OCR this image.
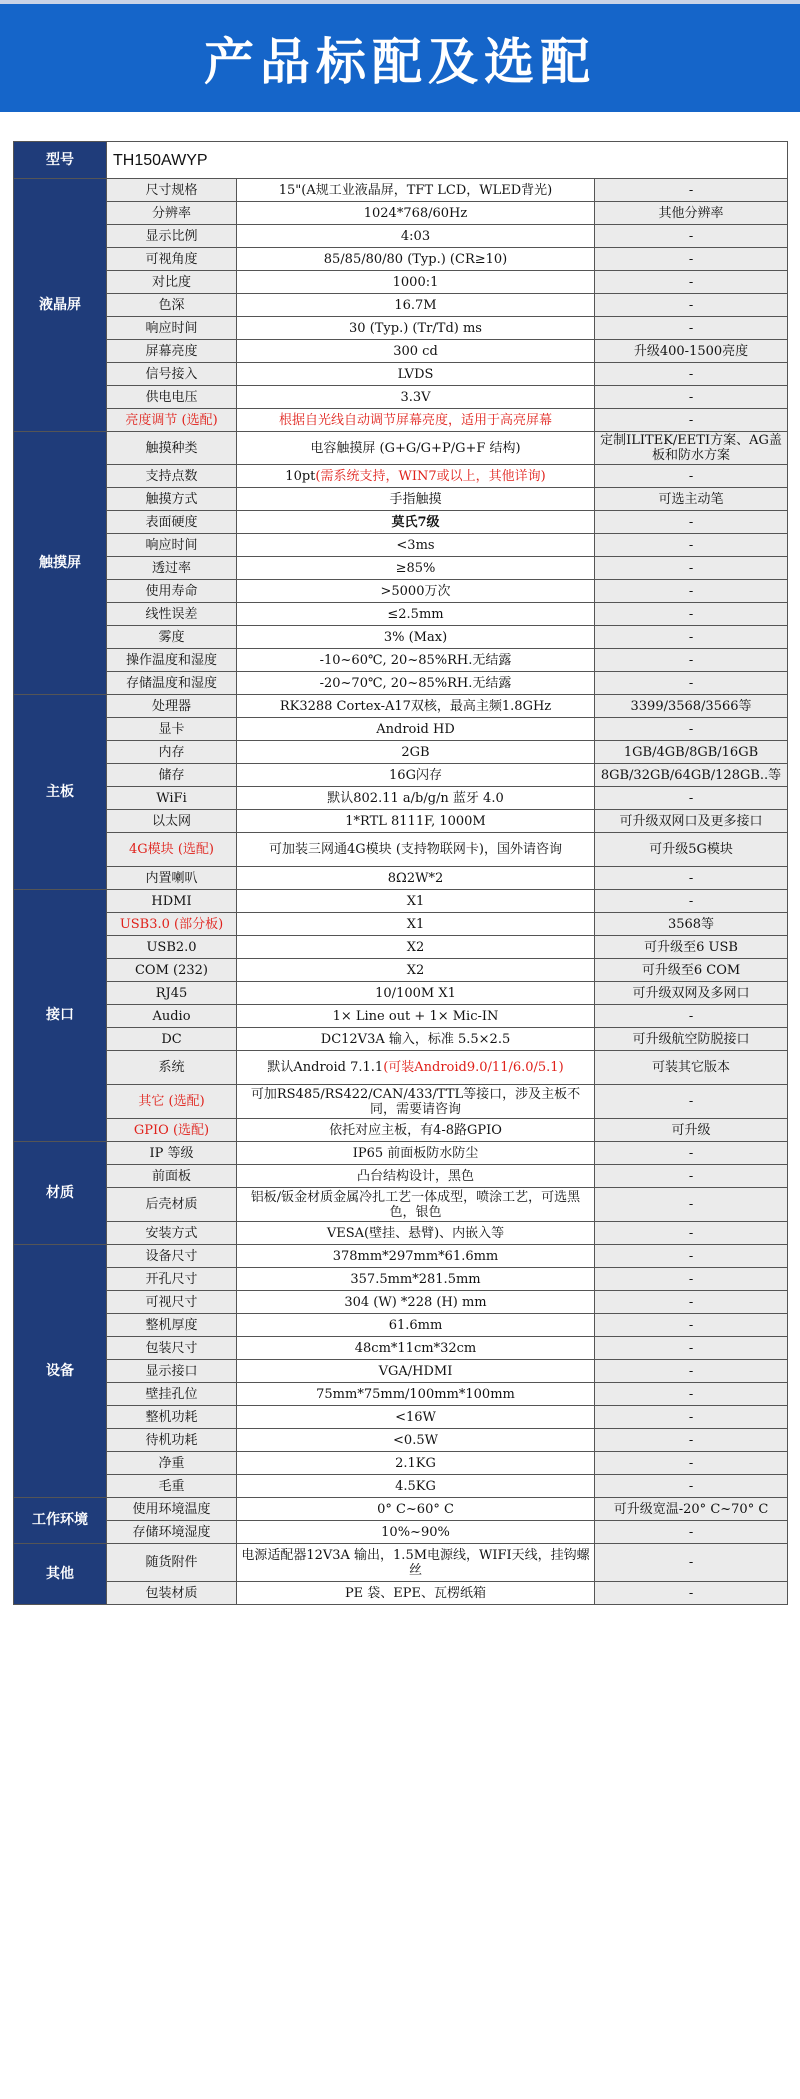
产品标配及选配
型号	TH150AWYP		
液晶屏	尺寸规格	15"(A规工业液晶屏，TFT LCD，WLED背光)	-
	分辨率	1024*768/60Hz	其他分辨率
	显示比例	4:03	-
	可视角度	85/85/80/80 (Typ.) (CR≥10)	-
	对比度	1000:1	-
	色深	16.7M	-
	响应时间	30 (Typ.) (Tr/Td) ms	-
	屏幕亮度	300 cd	升级400-1500亮度
	信号接入	LVDS	-
	供电电压	3.3V	-
	亮度调节 (选配)	根据自光线自动调节屏幕亮度，适用于高亮屏幕	-
触摸屏	触摸种类	电容触摸屏 (G+G/G+P/G+F 结构)	定制ILITEK/EETI方案、AG盖板和防水方案
	支持点数	10pt(需系统支持，WIN7或以上，其他详询)	-
	触摸方式	手指触摸	可选主动笔
	表面硬度	莫氏7级	-
	响应时间	<3ms	-
	透过率	≥85%	-
	使用寿命	>5000万次	-
	线性误差	≤2.5mm	-
	雾度	3% (Max)	-
	操作温度和湿度	-10~60℃, 20~85%RH.无结露	-
	存储温度和湿度	-20~70℃, 20~85%RH.无结露	-
主板	处理器	RK3288 Cortex-A17双核，最高主频1.8GHz	3399/3568/3566等
	显卡	Android HD	-
	内存	2GB	1GB/4GB/8GB/16GB
	储存	16G闪存	8GB/32GB/64GB/128GB..等
	WiFi	默认802.11 a/b/g/n 蓝牙 4.0	-
	以太网	1*RTL 8111F, 1000M	可升级双网口及更多接口
	4G模块 (选配)	可加装三网通4G模块 (支持物联网卡)，国外请咨询	可升级5G模块
	内置喇叭	8Ω2W*2	-
接口	HDMI	X1	-
	USB3.0 (部分板)	X1	3568等
	USB2.0	X2	可升级至6 USB
	COM (232)	X2	可升级至6 COM
	RJ45	10/100M X1	可升级双网及多网口
	Audio	1× Line out + 1× Mic-IN	-
	DC	DC12V3A 输入，标准 5.5×2.5	可升级航空防脱接口
	系统	默认Android 7.1.1(可装Android9.0/11/6.0/5.1)	可装其它版本
	其它 (选配)	可加RS485/RS422/CAN/433/TTL等接口，涉及主板不同，需要请咨询	-
	GPIO (选配)	依托对应主板，有4-8路GPIO	可升级
材质	IP 等级	IP65 前面板防水防尘	-
	前面板	凸台结构设计，黑色	-
	后壳材质	铝板/钣金材质金属冷扎工艺一体成型，喷涂工艺，可选黑色，银色	-
	安装方式	VESA(壁挂、悬臂)、内嵌入等	-
设备	设备尺寸	378mm*297mm*61.6mm	-
	开孔尺寸	357.5mm*281.5mm	-
	可视尺寸	304 (W) *228 (H) mm	-
	整机厚度	61.6mm	-
	包装尺寸	48cm*11cm*32cm	-
	显示接口	VGA/HDMI	-
	壁挂孔位	75mm*75mm/100mm*100mm	-
	整机功耗	<16W	-
	待机功耗	<0.5W	-
	净重	2.1KG	-
	毛重	4.5KG	-
工作环境	使用环境温度	0° C~60° C	可升级宽温-20° C~70° C
	存储环境湿度	10%~90%	-
其他	随货附件	电源适配器12V3A 输出，1.5M电源线，WIFI天线，挂钩螺丝	-
	包装材质	PE 袋、EPE、瓦楞纸箱	-
